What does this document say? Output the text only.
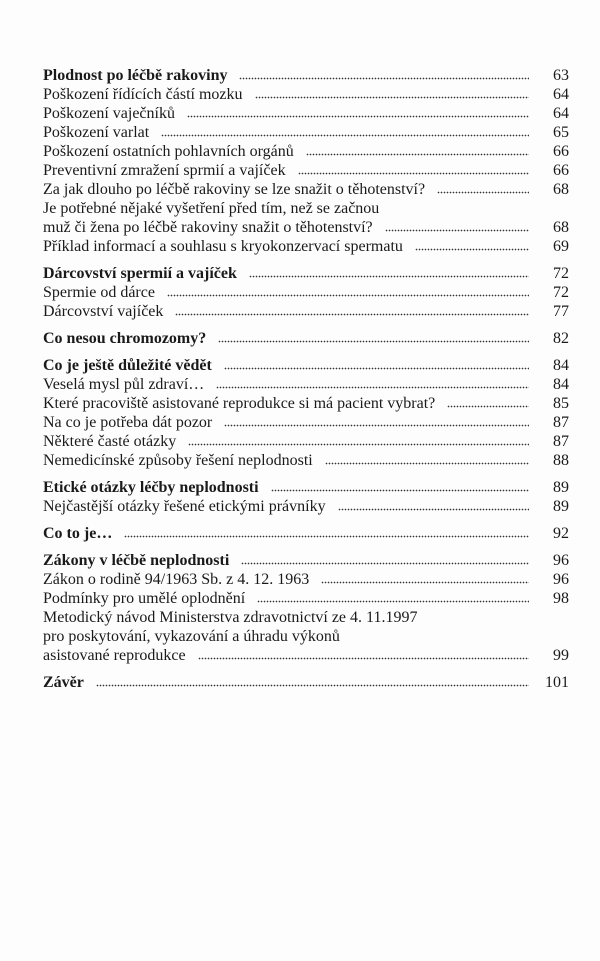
Plodnost po léčbě rakoviny	63
Poškození řídících částí mozku	64
Poškození vaječníků	64
Poškození varlat	65
Poškození ostatních pohlavních orgánů	66
Preventivní zmražení sprmií a vajíček	66
Za jak dlouho po léčbě rakoviny se lze snažit o těhotenství?	68
Je potřebné nějaké vyšetření před tím, než se začnou
muž či žena po léčbě rakoviny snažit o těhotenství?	68
Příklad informací a souhlasu s kryokonzervací spermatu	69
Dárcovství spermií a vajíček	72
Spermie od dárce	72
Dárcovství vajíček	77
Co nesou chromozomy?	82
Co je ještě důležité vědět	84
Veselá mysl půl zdraví…	84
Které pracoviště asistované reprodukce si má pacient vybrat?	85
Na co je potřeba dát pozor	87
Některé časté otázky	87
Nemedicínské způsoby řešení neplodnosti	88
Etické otázky léčby neplodnosti	89
Nejčastější otázky řešené etickými právníky	89
Co to je…	92
Zákony v léčbě neplodnosti	96
Zákon o rodině 94/1963 Sb. z 4. 12. 1963	96
Podmínky pro umělé oplodnění	98
Metodický návod Ministerstva zdravotnictví ze 4. 11.1997
pro poskytování, vykazování a úhradu výkonů
asistované reprodukce	99
Závěr	101
